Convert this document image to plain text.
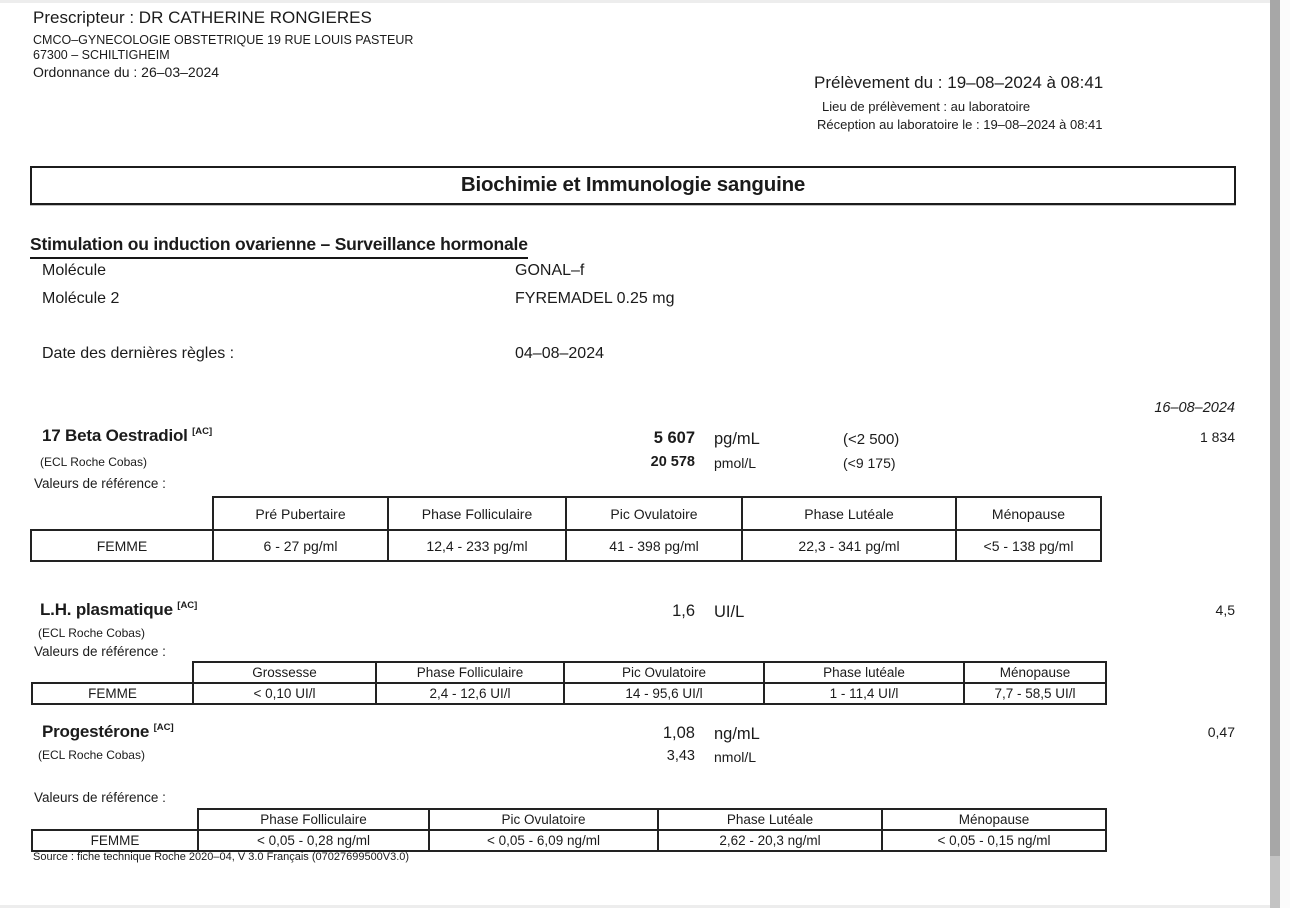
Prescripteur : DR CATHERINE RONGIERES
CMCO–GYNECOLOGIE OBSTETRIQUE 19 RUE LOUIS PASTEUR
67300 – SCHILTIGHEIM
Ordonnance du : 26–03–2024
Prélèvement du : 19–08–2024 à 08:41
Lieu de prélèvement : au laboratoire
Réception au laboratoire le : 19–08–2024 à 08:41
Biochimie et Immunologie sanguine
Stimulation ou induction ovarienne – Surveillance hormonale
Molécule	GONAL–f
Molécule 2	FYREMADEL 0.25 mg
Date des dernières règles :	04–08–2024
16–08–2024
17 Beta Oestradiol [AC]	5 607 pg/mL	(<2 500)	1 834
20 578 pmol/L	(<9 175)
(ECL Roche Cobas)
Valeurs de référence :
	Pré Pubertaire	Phase Folliculaire	Pic Ovulatoire	Phase Lutéale	Ménopause
FEMME	6 - 27 pg/ml	12,4 - 233 pg/ml	41 - 398 pg/ml	22,3 - 341 pg/ml	<5 - 138 pg/ml
L.H. plasmatique [AC]	1,6 UI/L	4,5
(ECL Roche Cobas)
Valeurs de référence :
	Grossesse	Phase Folliculaire	Pic Ovulatoire	Phase lutéale	Ménopause
FEMME	< 0,10 UI/l	2,4 - 12,6 UI/l	14 - 95,6 UI/l	1 - 11,4 UI/l	7,7 - 58,5 UI/l
Progestérone [AC]	1,08 ng/mL	0,47
(ECL Roche Cobas)	3,43 nmol/L
Valeurs de référence :
	Phase Folliculaire	Pic Ovulatoire	Phase Lutéale	Ménopause
FEMME	< 0,05 - 0,28 ng/ml	< 0,05 - 6,09 ng/ml	2,62 - 20,3 ng/ml	< 0,05 - 0,15 ng/ml
Source : fiche technique Roche 2020–04, V 3.0 Français (07027699500V3.0)
